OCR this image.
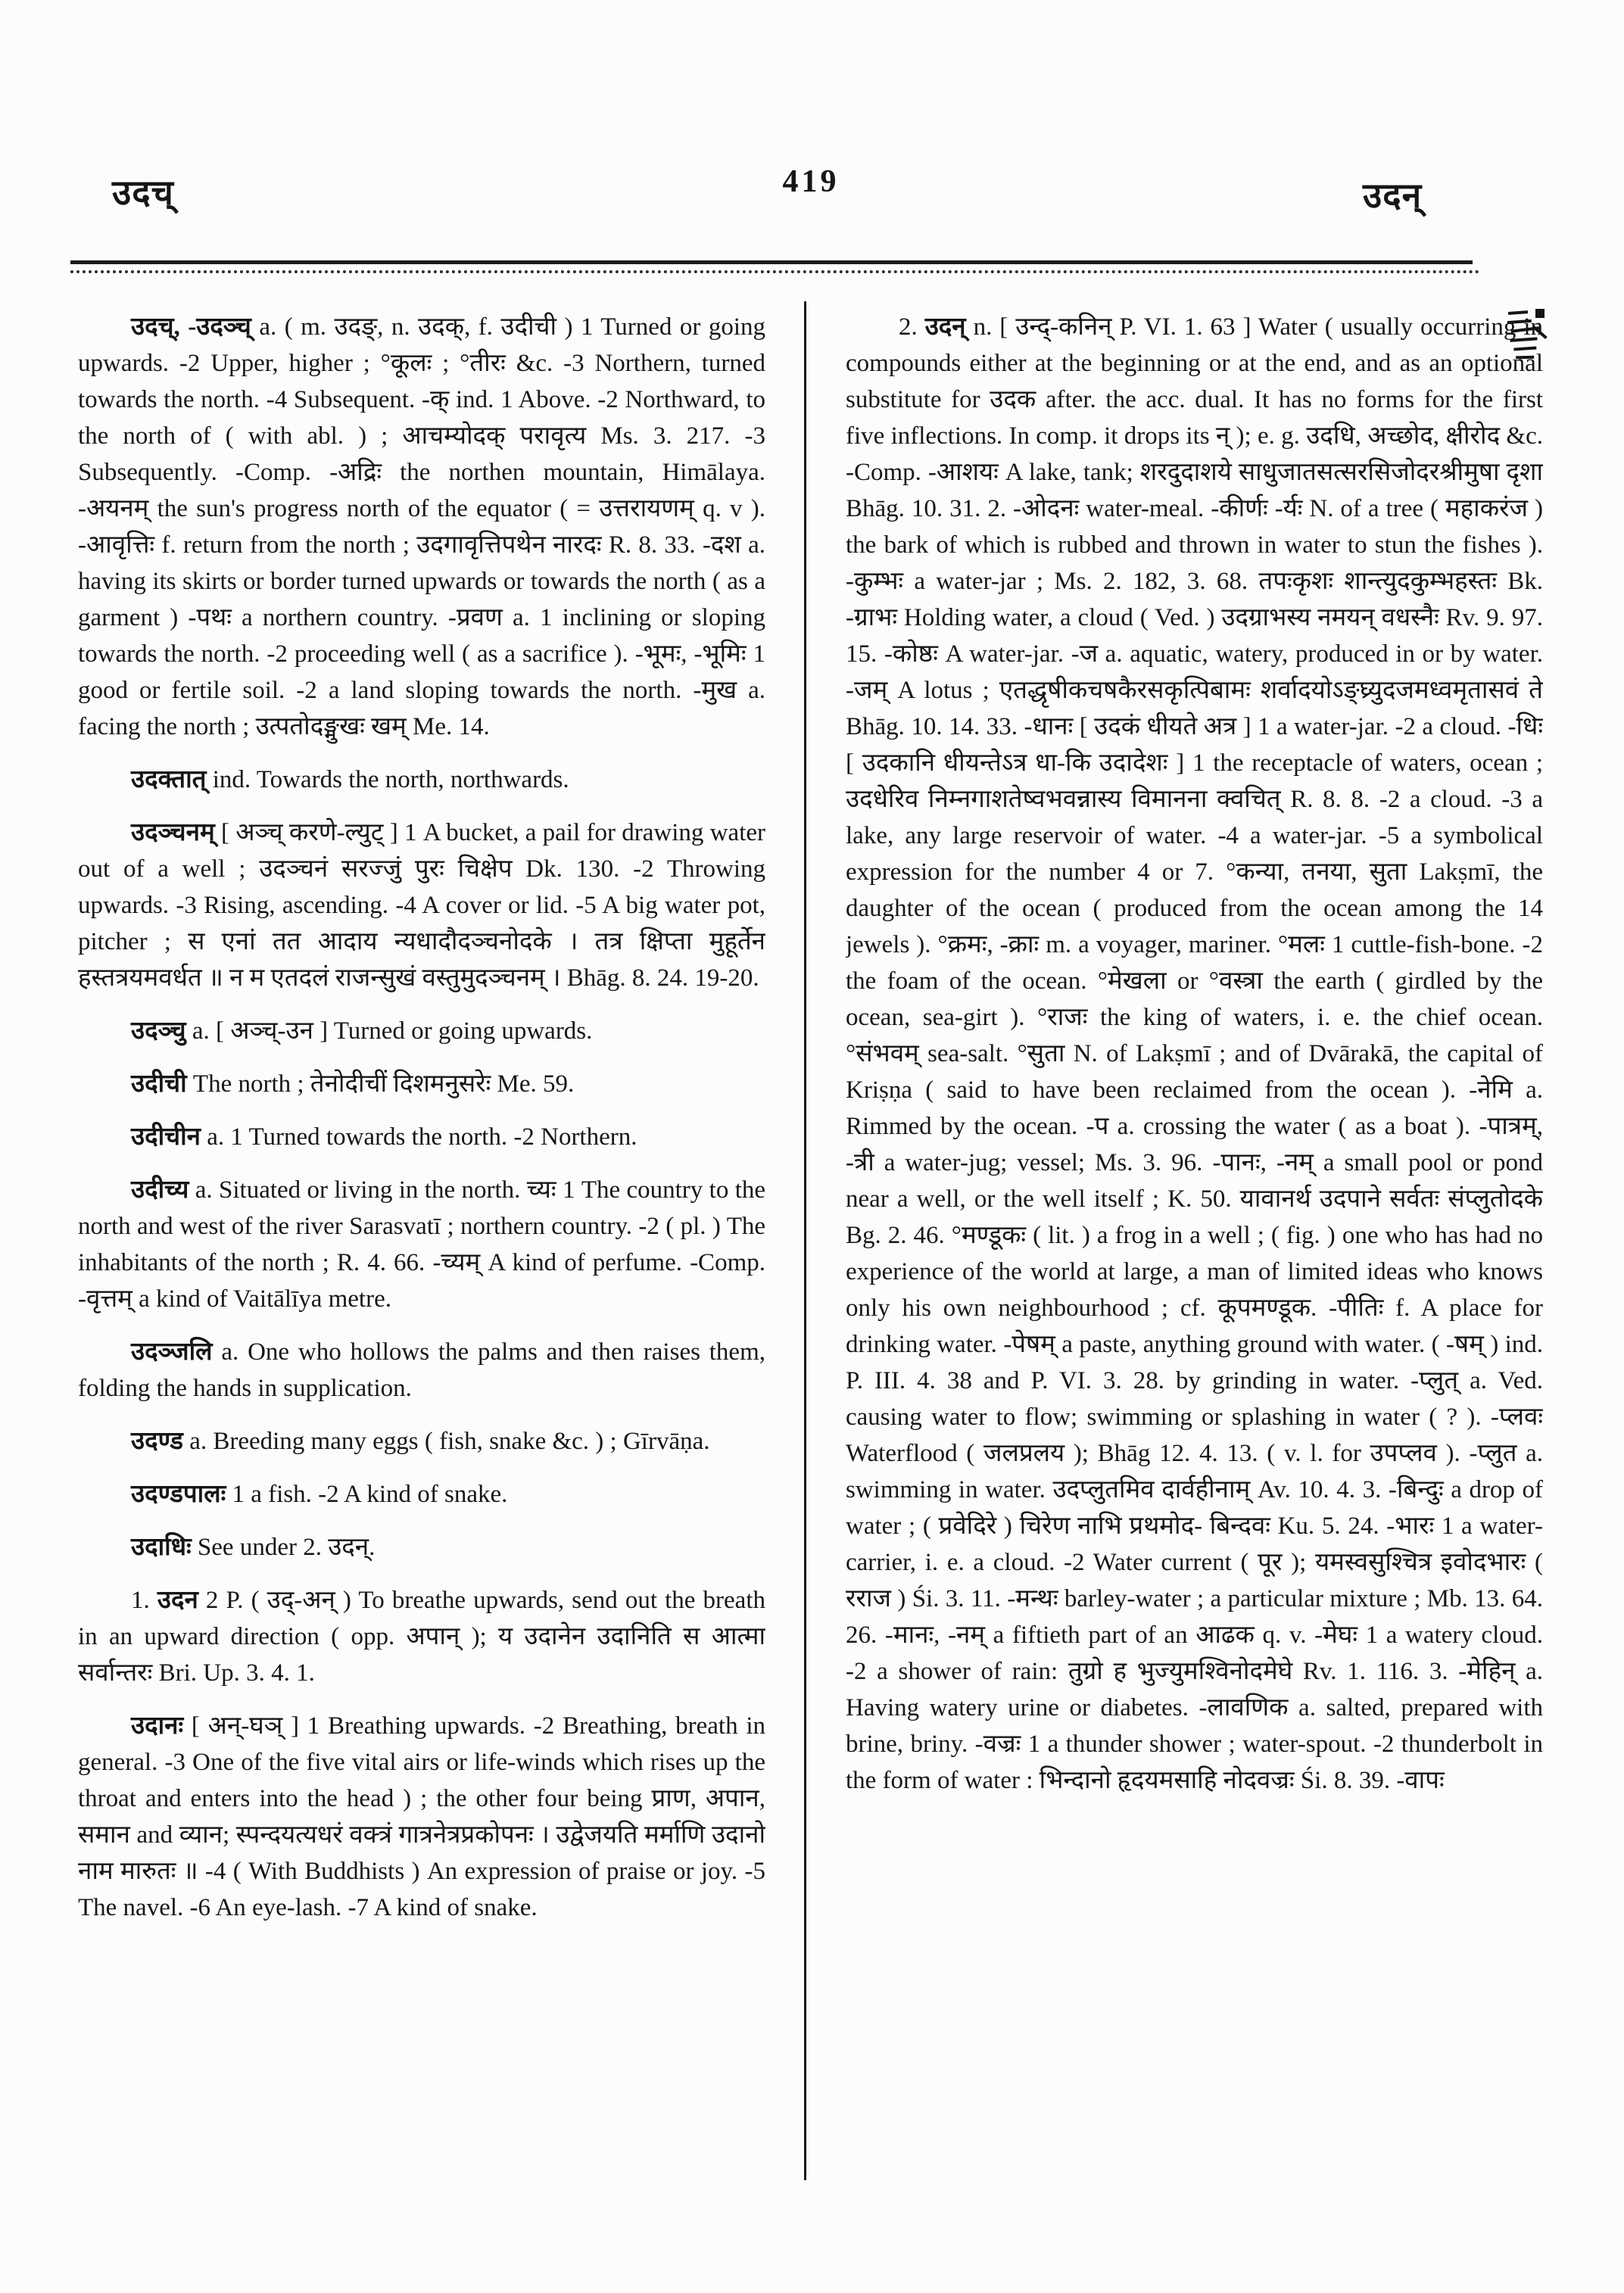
उदच्	419	उदन्

उदच्, -उदञ्च् a. ( m. उदङ्, n. उदक्, f. उदीची ) 1 Turned or going upwards. -2 Upper, higher ; °कूलः ; °तीरः &c. -3 Northern, turned towards the north. -4 Subsequent. -क् ind. 1 Above. -2 Northward, to the north of ( with abl. ) ; आचम्योदक् परावृत्य Ms. 3. 217. -3 Subsequently. -Comp. -अद्रिः the northen mountain, Himālaya. -अयनम् the sun's progress north of the equator ( = उत्तरायणम् q. v ). -आवृत्तिः f. return from the north ; उदगावृत्तिपथेन नारदः R. 8. 33. -दश a. having its skirts or border turned upwards or towards the north ( as a garment ) -पथः a northern country. -प्रवण a. 1 inclining or sloping towards the north. -2 proceeding well ( as a sacrifice ). -भूमः, -भूमिः 1 good or fertile soil. -2 a land sloping towards the north. -मुख a. facing the north ; उत्पतोदङ्मुखः खम् Me. 14.

उदक्तात् ind. Towards the north, northwards.

उदञ्चनम् [ अञ्च् करणे-ल्युट् ] 1 A bucket, a pail for drawing water out of a well ; उदञ्चनं सरज्जुं पुरः चिक्षेप Dk. 130. -2 Throwing upwards. -3 Rising, ascending. -4 A cover or lid. -5 A big water pot, pitcher ; स एनां तत आदाय न्यधादौदञ्चनोदके । तत्र क्षिप्ता मुहूर्तेन हस्तत्रयमवर्धत ॥ न म एतदलं राजन्सुखं वस्तुमुदञ्चनम् । Bhāg. 8. 24. 19-20.

उदञ्चु a. [ अञ्च्-उन ] Turned or going upwards.

उदीची The north ; तेनोदीचीं दिशमनुसरेः Me. 59.

उदीचीन a. 1 Turned towards the north. -2 Northern.

उदीच्य a. Situated or living in the north. च्यः 1 The country to the north and west of the river Sarasvatī ; northern country. -2 ( pl. ) The inhabitants of the north ; R. 4. 66. -च्यम् A kind of perfume. -Comp. -वृत्तम् a kind of Vaitālīya metre.

उदञ्जलि a. One who hollows the palms and then raises them, folding the hands in supplication.

उदण्ड a. Breeding many eggs ( fish, snake &c. ) ; Gīrvāṇa.

उदण्डपालः 1 a fish. -2 A kind of snake.

उदाधिः See under 2. उदन्.

1. उदन 2 P. ( उद्-अन् ) To breathe upwards, send out the breath in an upward direction ( opp. अपान् ); य उदानेन उदानिति स आत्मा सर्वान्तरः Bri. Up. 3. 4. 1.

उदानः [ अन्-घञ् ] 1 Breathing upwards. -2 Breathing, breath in general. -3 One of the five vital airs or life-winds which rises up the throat and enters into the head ) ; the other four being प्राण, अपान, समान and व्यान; स्पन्दयत्यधरं वक्त्रं गात्रनेत्रप्रकोपनः । उद्वेजयति मर्माणि उदानो नाम मारुतः ॥ -4 ( With Buddhists ) An expression of praise or joy. -5 The navel. -6 An eye-lash. -7 A kind of snake.

2. उदन् n. [ उन्द्-कनिन् P. VI. 1. 63 ] Water ( usually occurring in compounds either at the beginning or at the end, and as an optional substitute for उदक after. the acc. dual. It has no forms for the first five inflections. In comp. it drops its न् ); e. g. उदधि, अच्छोद, क्षीरोद &c. -Comp. -आशयः A lake, tank; शरदुदाशये साधुजातसत्सरसिजोदरश्रीमुषा दृशा Bhāg. 10. 31. 2. -ओदनः water-meal. -कीर्णः -र्यः N. of a tree ( महाकरंज ) the bark of which is rubbed and thrown in water to stun the fishes ). -कुम्भः a water-jar ; Ms. 2. 182, 3. 68. तपःकृशः शान्त्युदकुम्भहस्तः Bk. -ग्राभः Holding water, a cloud ( Ved. ) उदग्राभस्य नमयन् वधस्नैः Rv. 9. 97. 15. -कोष्ठः A water-jar. -ज a. aquatic, watery, produced in or by water. -जम् A lotus ; एतद्धृषीकचषकैरसकृत्पिबामः शर्वादयोऽङ्घ्र्युदजमध्वमृतासवं ते Bhāg. 10. 14. 33. -धानः [ उदकं धीयते अत्र ] 1 a water-jar. -2 a cloud. -धिः [ उदकानि धीयन्तेऽत्र धा-कि उदादेशः ] 1 the receptacle of waters, ocean ; उदधेरिव निम्नगाशतेष्वभवन्नास्य विमानना क्वचित् R. 8. 8. -2 a cloud. -3 a lake, any large reservoir of water. -4 a water-jar. -5 a symbolical expression for the number 4 or 7. °कन्या, तनया, सुता Lakṣmī, the daughter of the ocean ( produced from the ocean among the 14 jewels ). °क्रमः, -क्राः m. a voyager, mariner. °मलः 1 cuttle-fish-bone. -2 the foam of the ocean. °मेखला or °वस्त्रा the earth ( girdled by the ocean, sea-girt ). °राजः the king of waters, i. e. the chief ocean. °संभवम् sea-salt. °सुता N. of Lakṣmī ; and of Dvārakā, the capital of Kriṣṇa ( said to have been reclaimed from the ocean ). -नेमि a. Rimmed by the ocean. -प a. crossing the water ( as a boat ). -पात्रम्, -त्री a water-jug; vessel; Ms. 3. 96. -पानः, -नम् a small pool or pond near a well, or the well itself ; K. 50. यावानर्थ उदपाने सर्वतः संप्लुतोदके Bg. 2. 46. °मण्डूकः ( lit. ) a frog in a well ; ( fig. ) one who has had no experience of the world at large, a man of limited ideas who knows only his own neighbourhood ; cf. कूपमण्डूक. -पीतिः f. A place for drinking water. -पेषम् a paste, anything ground with water. ( -षम् ) ind. P. III. 4. 38 and P. VI. 3. 28. by grinding in water. -प्लुत् a. Ved. causing water to flow; swimming or splashing in water ( ? ). -प्लवः Waterflood ( जलप्रलय ); Bhāg 12. 4. 13. ( v. l. for उपप्लव ). -प्लुत a. swimming in water. उदप्लुतमिव दार्वहीनाम् Av. 10. 4. 3. -बिन्दुः a drop of water ; ( प्रवेदिरे ) चिरेण नाभि प्रथमोद- बिन्दवः Ku. 5. 24. -भारः 1 a water-carrier, i. e. a cloud. -2 Water current ( पूर ); यमस्वसुश्चित्र इवोदभारः ( रराज ) Śi. 3. 11. -मन्थः barley-water ; a particular mixture ; Mb. 13. 64. 26. -मानः, -नम् a fiftieth part of an आढक q. v. -मेघः 1 a watery cloud. -2 a shower of rain: तुग्रो ह भुज्युमश्विनोदमेघे Rv. 1. 116. 3. -मेहिन् a. Having watery urine or diabetes. -लावणिक a. salted, prepared with brine, briny. -वज्रः 1 a thunder shower ; water-spout. -2 thunderbolt in the form of water : भिन्दानो हृदयमसाहि नोदवज्रः Śi. 8. 39. -वापः
